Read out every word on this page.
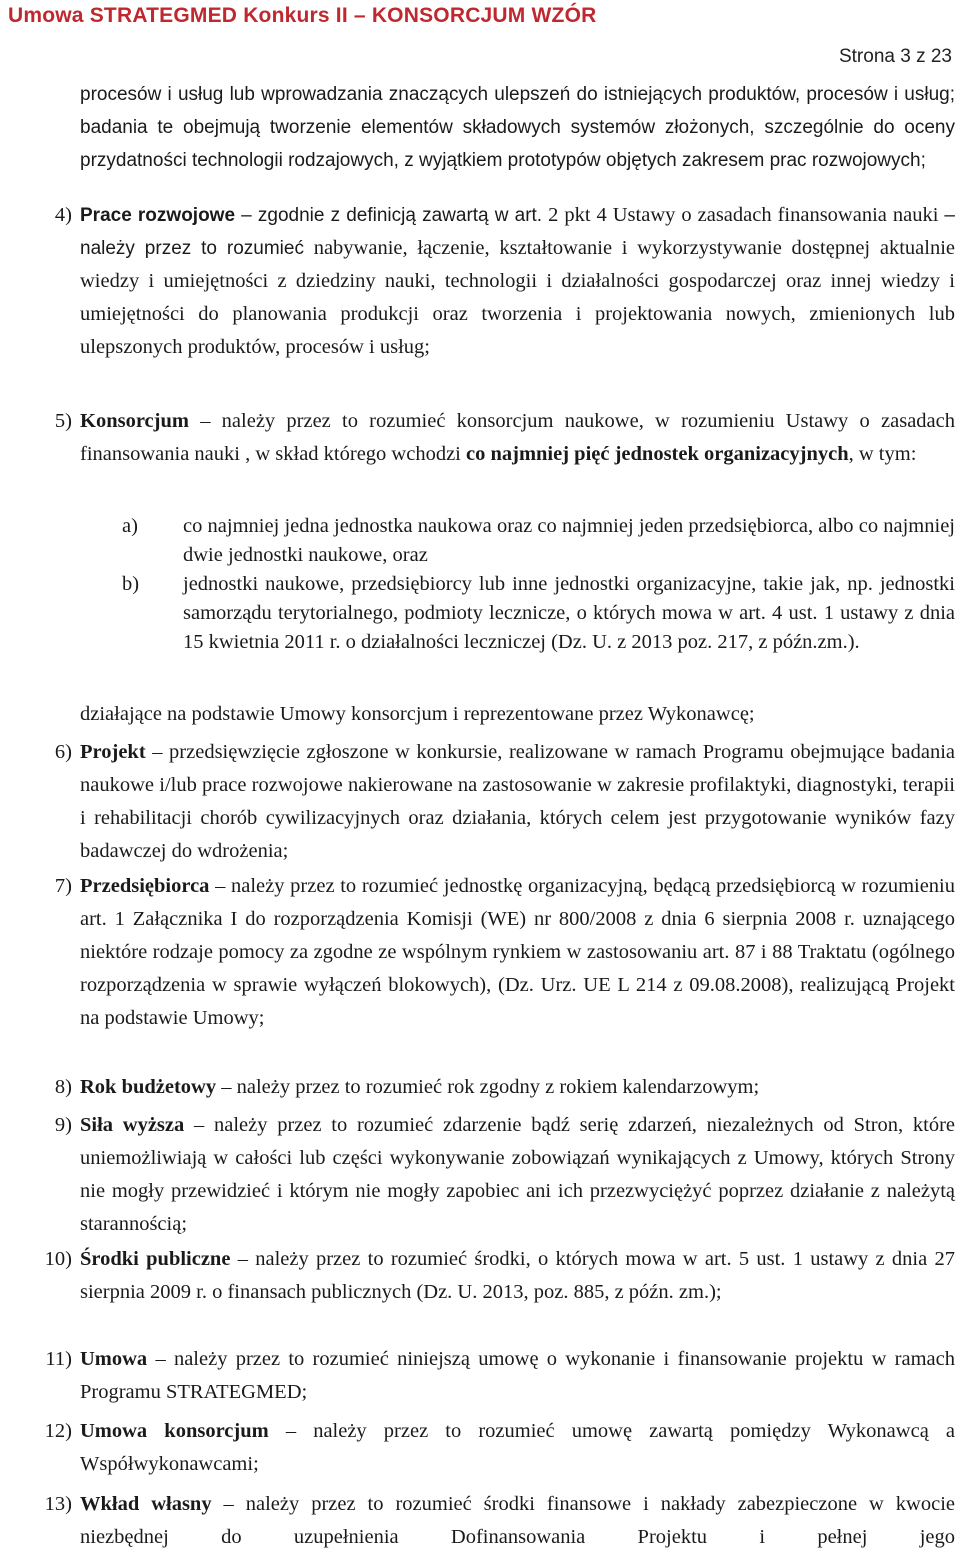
Umowa STRATEGMED Konkurs II – KONSORCJUM WZÓR
Strona 3 z 23

procesów i usług lub wprowadzania znaczących ulepszeń do istniejących produktów, procesów i usług; badania te obejmują tworzenie elementów składowych systemów złożonych, szczególnie do oceny przydatności technologii rodzajowych, z wyjątkiem prototypów objętych zakresem prac rozwojowych;

4) Prace rozwojowe – zgodnie z definicją zawartą w art. 2 pkt 4 Ustawy o zasadach finansowania nauki – należy przez to rozumieć nabywanie, łączenie, kształtowanie i wykorzystywanie dostępnej aktualnie wiedzy i umiejętności z dziedziny nauki, technologii i działalności gospodarczej oraz innej wiedzy i umiejętności do planowania produkcji oraz tworzenia i projektowania nowych, zmienionych lub ulepszonych produktów, procesów i usług;

5) Konsorcjum – należy przez to rozumieć konsorcjum naukowe, w rozumieniu Ustawy o zasadach finansowania nauki , w skład którego wchodzi co najmniej pięć jednostek organizacyjnych, w tym:

a) co najmniej jedna jednostka naukowa oraz co najmniej jeden przedsiębiorca, albo co najmniej dwie jednostki naukowe, oraz

b) jednostki naukowe, przedsiębiorcy lub inne jednostki organizacyjne, takie jak, np. jednostki samorządu terytorialnego, podmioty lecznicze, o których mowa w art. 4 ust. 1 ustawy z dnia 15 kwietnia 2011 r. o działalności leczniczej (Dz. U. z 2013 poz. 217, z późn.zm.).

działające na podstawie Umowy konsorcjum i reprezentowane przez Wykonawcę;

6) Projekt – przedsięwzięcie zgłoszone w konkursie, realizowane w ramach Programu obejmujące badania naukowe i/lub prace rozwojowe nakierowane na zastosowanie w zakresie profilaktyki, diagnostyki, terapii i rehabilitacji chorób cywilizacyjnych oraz działania, których celem jest przygotowanie wyników fazy badawczej do wdrożenia;

7) Przedsiębiorca – należy przez to rozumieć jednostkę organizacyjną, będącą przedsiębiorcą w rozumieniu art. 1 Załącznika I do rozporządzenia Komisji (WE) nr 800/2008 z dnia 6 sierpnia 2008 r. uznającego niektóre rodzaje pomocy za zgodne ze wspólnym rynkiem w zastosowaniu art. 87 i 88 Traktatu (ogólnego rozporządzenia w sprawie wyłączeń blokowych), (Dz. Urz. UE L 214 z 09.08.2008), realizującą Projekt na podstawie Umowy;

8) Rok budżetowy – należy przez to rozumieć rok zgodny z rokiem kalendarzowym;

9) Siła wyższa – należy przez to rozumieć zdarzenie bądź serię zdarzeń, niezależnych od Stron, które uniemożliwiają w całości lub części wykonywanie zobowiązań wynikających z Umowy, których Strony nie mogły przewidzieć i którym nie mogły zapobiec ani ich przezwyciężyć poprzez działanie z należytą starannością;

10) Środki publiczne – należy przez to rozumieć środki, o których mowa w art. 5 ust. 1 ustawy z dnia 27 sierpnia 2009 r. o finansach publicznych (Dz. U. 2013, poz. 885, z późn. zm.);

11) Umowa – należy przez to rozumieć niniejszą umowę o wykonanie i finansowanie projektu w ramach Programu STRATEGMED;

12) Umowa konsorcjum – należy przez to rozumieć umowę zawartą pomiędzy Wykonawcą a Współwykonawcami;

13) Wkład własny – należy przez to rozumieć środki finansowe i nakłady zabezpieczone w kwocie niezbędnej do uzupełnienia Dofinansowania Projektu i pełnej jego
